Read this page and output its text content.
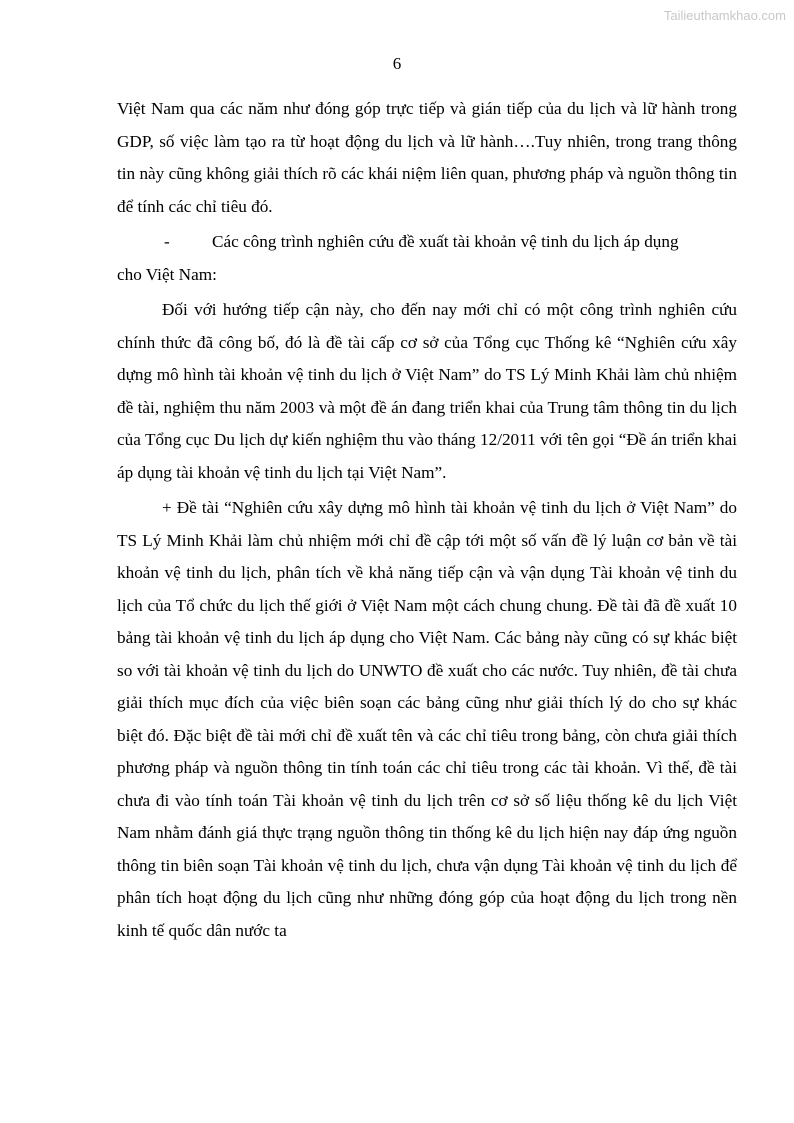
Tailieuthamkhao.com
6

Việt Nam qua các năm như đóng góp trực tiếp và gián tiếp của du lịch và lữ hành trong GDP, số việc làm tạo ra từ hoạt động du lịch và lữ hành….Tuy nhiên, trong trang thông tin này cũng không giải thích rõ các khái niệm liên quan, phương pháp và nguồn thông tin để tính các chỉ tiêu đó.

-	Các công trình nghiên cứu đề xuất tài khoản vệ tinh du lịch áp dụng

cho Việt Nam:

Đối với hướng tiếp cận này, cho đến nay mới chỉ có một công trình nghiên cứu chính thức đã công bố, đó là đề tài cấp cơ sở của Tổng cục Thống kê “Nghiên cứu xây dựng mô hình tài khoản vệ tinh du lịch ở Việt Nam” do TS Lý Minh Khải làm chủ nhiệm đề tài, nghiệm thu năm 2003 và một đề án đang triển khai của Trung tâm thông tin du lịch của Tổng cục Du lịch dự kiến nghiệm thu vào tháng 12/2011 với tên gọi “Đề án triển khai áp dụng tài khoản vệ tinh du lịch tại Việt Nam”.

+ Đề tài “Nghiên cứu xây dựng mô hình tài khoản vệ tinh du lịch ở Việt Nam” do TS Lý Minh Khải làm chủ nhiệm mới chỉ đề cập tới một số vấn đề lý luận cơ bản về tài khoản vệ tinh du lịch, phân tích về khả năng tiếp cận và vận dụng Tài khoản vệ tinh du lịch của Tổ chức du lịch thế giới ở Việt Nam một cách chung chung. Đề tài đã đề xuất 10 bảng tài khoản vệ tinh du lịch áp dụng cho Việt Nam. Các bảng này cũng có sự khác biệt so với tài khoản vệ tinh du lịch do UNWTO đề xuất cho các nước. Tuy nhiên, đề tài chưa giải thích mục đích của việc biên soạn các bảng cũng như giải thích lý do cho sự khác biệt đó. Đặc biệt đề tài mới chỉ đề xuất tên và các chỉ tiêu trong bảng, còn chưa giải thích phương pháp và nguồn thông tin tính toán các chỉ tiêu trong các tài khoản. Vì thế, đề tài chưa đi vào tính toán Tài khoản vệ tinh du lịch trên cơ sở số liệu thống kê du lịch Việt Nam nhằm đánh giá thực trạng nguồn thông tin thống kê du lịch hiện nay đáp ứng nguồn thông tin biên soạn Tài khoản vệ tinh du lịch, chưa vận dụng Tài khoản vệ tinh du lịch để phân tích hoạt động du lịch cũng như những đóng góp của hoạt động du lịch trong nền kinh tế quốc dân nước ta
